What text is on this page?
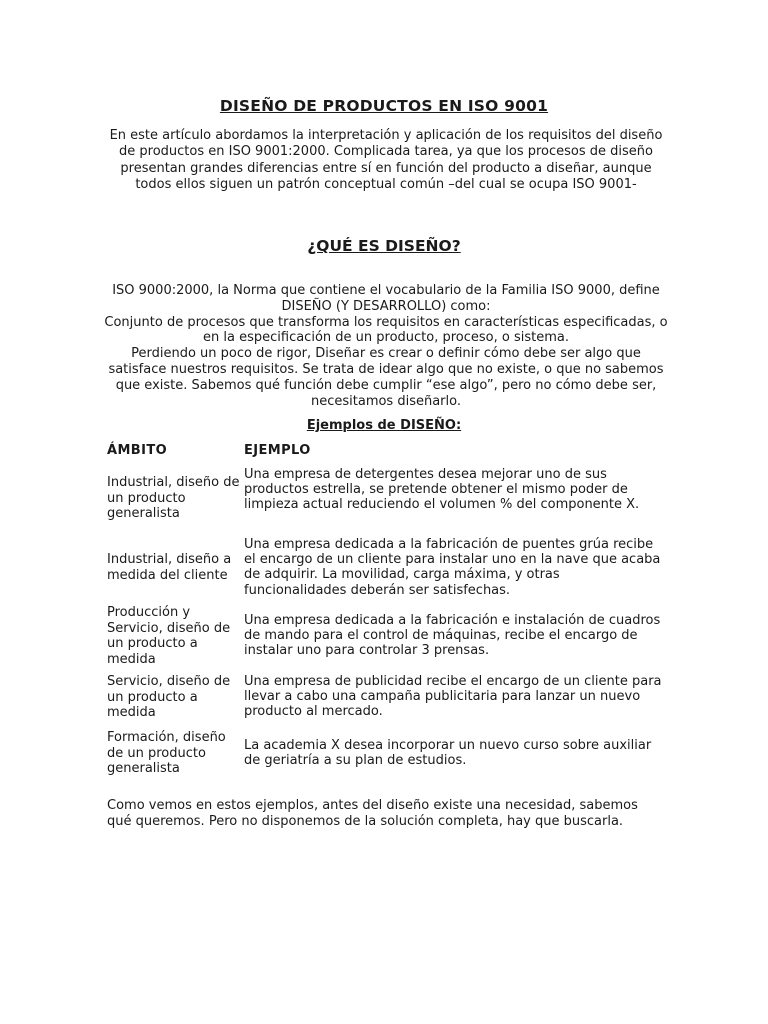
DISEÑO DE PRODUCTOS EN ISO 9001

En este artículo abordamos la interpretación y aplicación de los requisitos del diseño de productos en ISO 9001:2000. Complicada tarea, ya que los procesos de diseño presentan grandes diferencias entre sí en función del producto a diseñar, aunque todos ellos siguen un patrón conceptual común –del cual se ocupa ISO 9001-

¿QUÉ ES DISEÑO?
ISO 9000:2000, la Norma que contiene el vocabulario de la Familia ISO 9000, define DISEÑO (Y DESARROLLO) como:
Conjunto de procesos que transforma los requisitos en características especificadas, o en la especificación de un producto, proceso, o sistema.
Perdiendo un poco de rigor, Diseñar es crear o definir cómo debe ser algo que satisface nuestros requisitos. Se trata de idear algo que no existe, o que no sabemos que existe. Sabemos qué función debe cumplir “ese algo”, pero no cómo debe ser, necesitamos diseñarlo.
Ejemplos de DISEÑO:
ÁMBITO	EJEMPLO
Industrial, diseño de un producto generalista
Una empresa de detergentes desea mejorar uno de sus productos estrella, se pretende obtener el mismo poder de limpieza actual reduciendo el volumen % del componente X.
Industrial, diseño a medida del cliente
Una empresa dedicada a la fabricación de puentes grúa recibe el encargo de un cliente para instalar uno en la nave que acaba de adquirir. La movilidad, carga máxima, y otras funcionalidades deberán ser satisfechas.
Producción y Servicio, diseño de un producto a medida
Una empresa dedicada a la fabricación e instalación de cuadros de mando para el control de máquinas, recibe el encargo de instalar uno para controlar 3 prensas.
Servicio, diseño de un producto a medida
Una empresa de publicidad recibe el encargo de un cliente para llevar a cabo una campaña publicitaria para lanzar un nuevo producto al mercado.
Formación, diseño de un producto generalista
La academia X desea incorporar un nuevo curso sobre auxiliar de geriatría a su plan de estudios.

Como vemos en estos ejemplos, antes del diseño existe una necesidad, sabemos qué queremos. Pero no disponemos de la solución completa, hay que buscarla.
